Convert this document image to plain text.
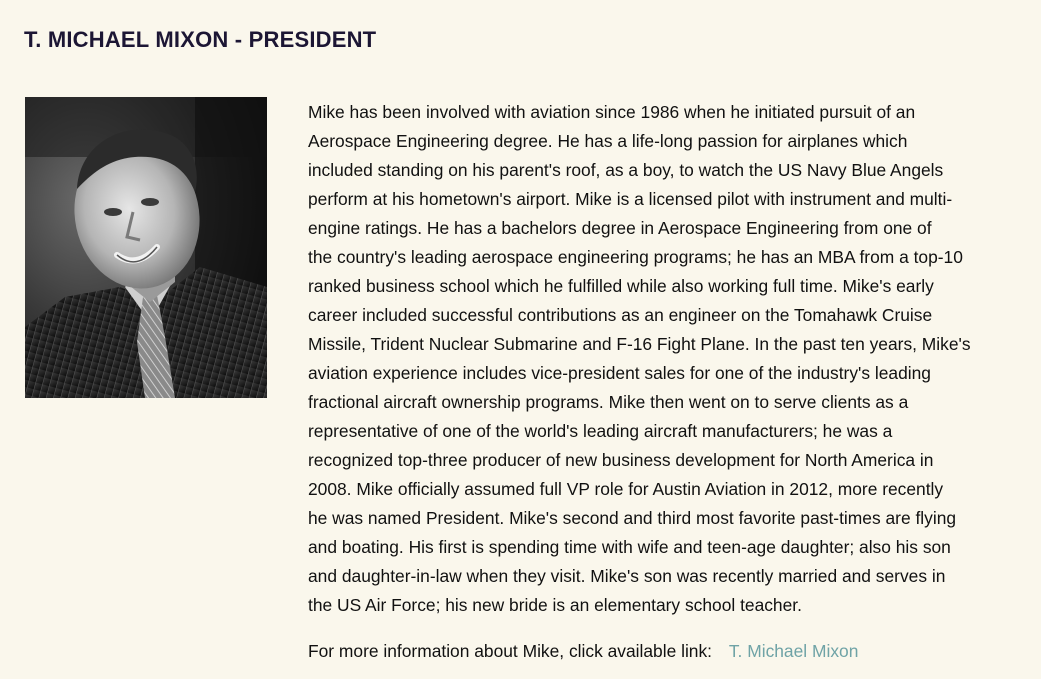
T. MICHAEL MIXON - PRESIDENT
Mike has been involved with aviation since 1986 when he initiated pursuit of an
Aerospace Engineering degree. He has a life-long passion for airplanes which
included standing on his parent's roof, as a boy, to watch the US Navy Blue Angels
perform at his hometown's airport. Mike is a licensed pilot with instrument and multi-
engine ratings. He has a bachelors degree in Aerospace Engineering from one of
the country's leading aerospace engineering programs; he has an MBA from a top-10
ranked business school which he fulfilled while also working full time. Mike's early
career included successful contributions as an engineer on the Tomahawk Cruise
Missile, Trident Nuclear Submarine and F-16 Fight Plane. In the past ten years, Mike's
aviation experience includes vice-president sales for one of the industry's leading
fractional aircraft ownership programs. Mike then went on to serve clients as a
representative of one of the world's leading aircraft manufacturers; he was a
recognized top-three producer of new business development for North America in
2008. Mike officially assumed full VP role for Austin Aviation in 2012, more recently
he was named President. Mike's second and third most favorite past-times are flying
and boating. His first is spending time with wife and teen-age daughter; also his son
and daughter-in-law when they visit. Mike's son was recently married and serves in
the US Air Force; his new bride is an elementary school teacher.

For more information about Mike, click available link: T. Michael Mixon
